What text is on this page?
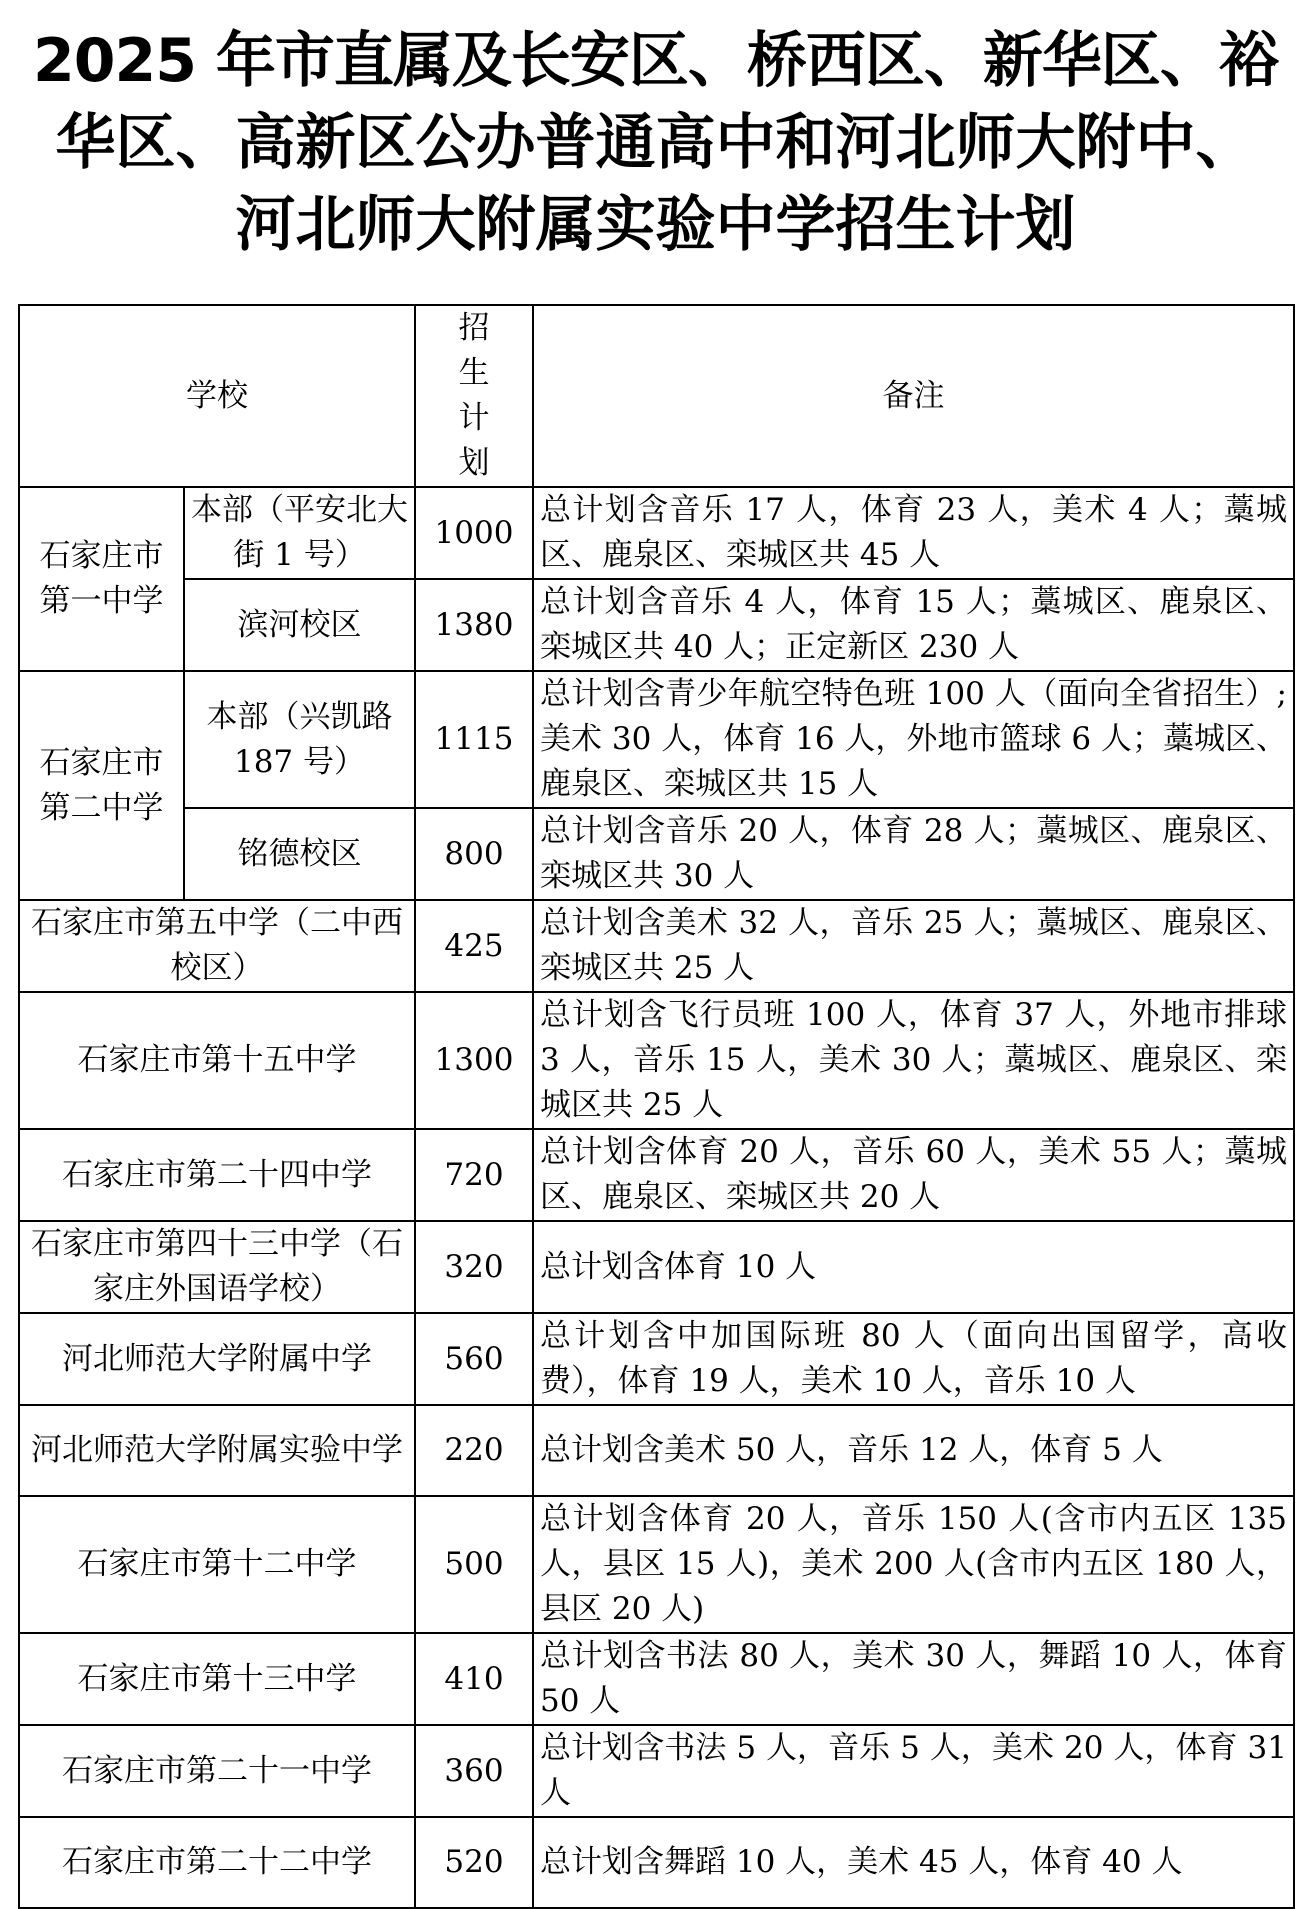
2025 年市直属及长安区、桥西区、新华区、裕
华区、高新区公办普通高中和河北师大附中、
河北师大附属实验中学招生计划
学校		招生计划	备注
石家庄市第一中学	本部（平安北大街 1 号）	1000	总计划含音乐 17 人，体育 23 人，美术 4 人；藁城区、鹿泉区、栾城区共 45 人
	滨河校区	1380	总计划含音乐 4 人，体育 15 人；藁城区、鹿泉区、栾城区共 40 人；正定新区 230 人
石家庄市第二中学	本部（兴凯路 187 号）	1115	总计划含青少年航空特色班 100 人（面向全省招生）;美术 30 人，体育 16 人，外地市篮球 6 人；藁城区、鹿泉区、栾城区共 15 人
	铭德校区	800	总计划含音乐 20 人，体育 28 人；藁城区、鹿泉区、栾城区共 30 人
石家庄市第五中学（二中西校区）		425	总计划含美术 32 人，音乐 25 人；藁城区、鹿泉区、栾城区共 25 人
石家庄市第十五中学		1300	总计划含飞行员班 100 人，体育 37 人，外地市排球 3 人，音乐 15 人，美术 30 人；藁城区、鹿泉区、栾城区共 25 人
石家庄市第二十四中学		720	总计划含体育 20 人，音乐 60 人，美术 55 人；藁城区、鹿泉区、栾城区共 20 人
石家庄市第四十三中学（石家庄外国语学校）		320	总计划含体育 10 人
河北师范大学附属中学		560	总计划含中加国际班 80 人（面向出国留学，高收费），体育 19 人，美术 10 人，音乐 10 人
河北师范大学附属实验中学		220	总计划含美术 50 人，音乐 12 人，体育 5 人
石家庄市第十二中学		500	总计划含体育 20 人，音乐 150 人(含市内五区 135 人，县区 15 人)，美术 200 人(含市内五区 180 人，县区 20 人)
石家庄市第十三中学		410	总计划含书法 80 人，美术 30 人，舞蹈 10 人，体育 50 人
石家庄市第二十一中学		360	总计划含书法 5 人，音乐 5 人，美术 20 人，体育 31 人
石家庄市第二十二中学		520	总计划含舞蹈 10 人，美术 45 人，体育 40 人
